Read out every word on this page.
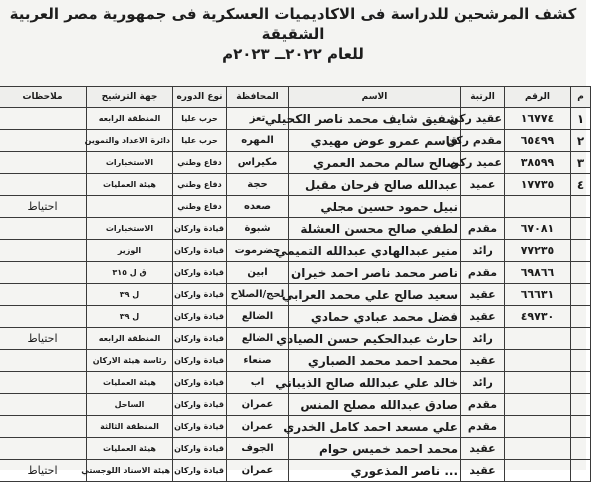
كشف المرشحين للدراسة فى الاكاديميات العسكرية فى جمهورية مصر العربية الشقيقة
للعام ٢٠٢٢ــ ٢٠٢٣م
م	الرقم	الرتبة	الاسم	المحافظة	نوع الدوره	جهة الترشيح	ملاحظات
١	١٦٧٧٤	عقيد ركن	شفيق شايف محمد ناصر الكحيلي	تعز	حرب عليا	المنطقة الرابعه	
٢	٦٥٤٩٩	مقدم ركن	قاسم عمرو عوض مهيدي	المهره	حرب عليا	دائرة الاعداد والتموين	
٣	٣٨٥٩٩	عميد ركن	صالح سالم محمد العمري	مكيراس	دفاع وطني	الاستخبارات	
٤	١٧٧٣٥	عميد	عبدالله صالح فرحان مقبل	حجة	دفاع وطني	هيئة العمليات	
			نبيل حمود حسين مجلي	صعده	دفاع وطني		احتياط
	٦٧٠٨١	مقدم	لطفي صالح محسن العشلة	شبوة	قيادة واركان	الاستخبارات	
	٧٧٢٣٥	رائد	منير عبدالهادي عبدالله التميمي	حضرموت	قيادة واركان	الوزير	
	٦٩٨٦٦	مقدم	ناصر محمد ناصر احمد خيران	ابين	قيادة واركان	ق ل ٣١٥	
	٦٦٦٣١	عقيد	سعيد صالح علي محمد العرابي	لحج/الصلاح	قيادة واركان	ل ٣٩	
	٤٩٧٣٠	عقيد	فضل محمد عبادي حمادي	الضالع	قيادة واركان	ل ٣٩	
		رائد	حارث عبدالحكيم حسن الصيادي	الضالع	قيادة واركان	المنطقة الرابعه	احتياط
		عقيد	محمد احمد محمد الصباري	صنعاء	قيادة واركان	رئاسة هيئة الاركان	
		رائد	خالد علي عبدالله صالح الذيباني	اب	قيادة واركان	هيئة العمليات	
		مقدم	صادق عبدالله مصلح المنس	عمران	قيادة واركان	الساحل	
		مقدم	علي مسعد احمد كامل الخدري	عمران	قيادة واركان	المنطقة الثالثة	
		عقيد	محمد احمد خميس حوام	الجوف	قيادة واركان	هيئة العمليات	
		عقيد	... ناصر المذعوري	عمران	قيادة واركان	هيئة الاسناد اللوجستي	احتياط
